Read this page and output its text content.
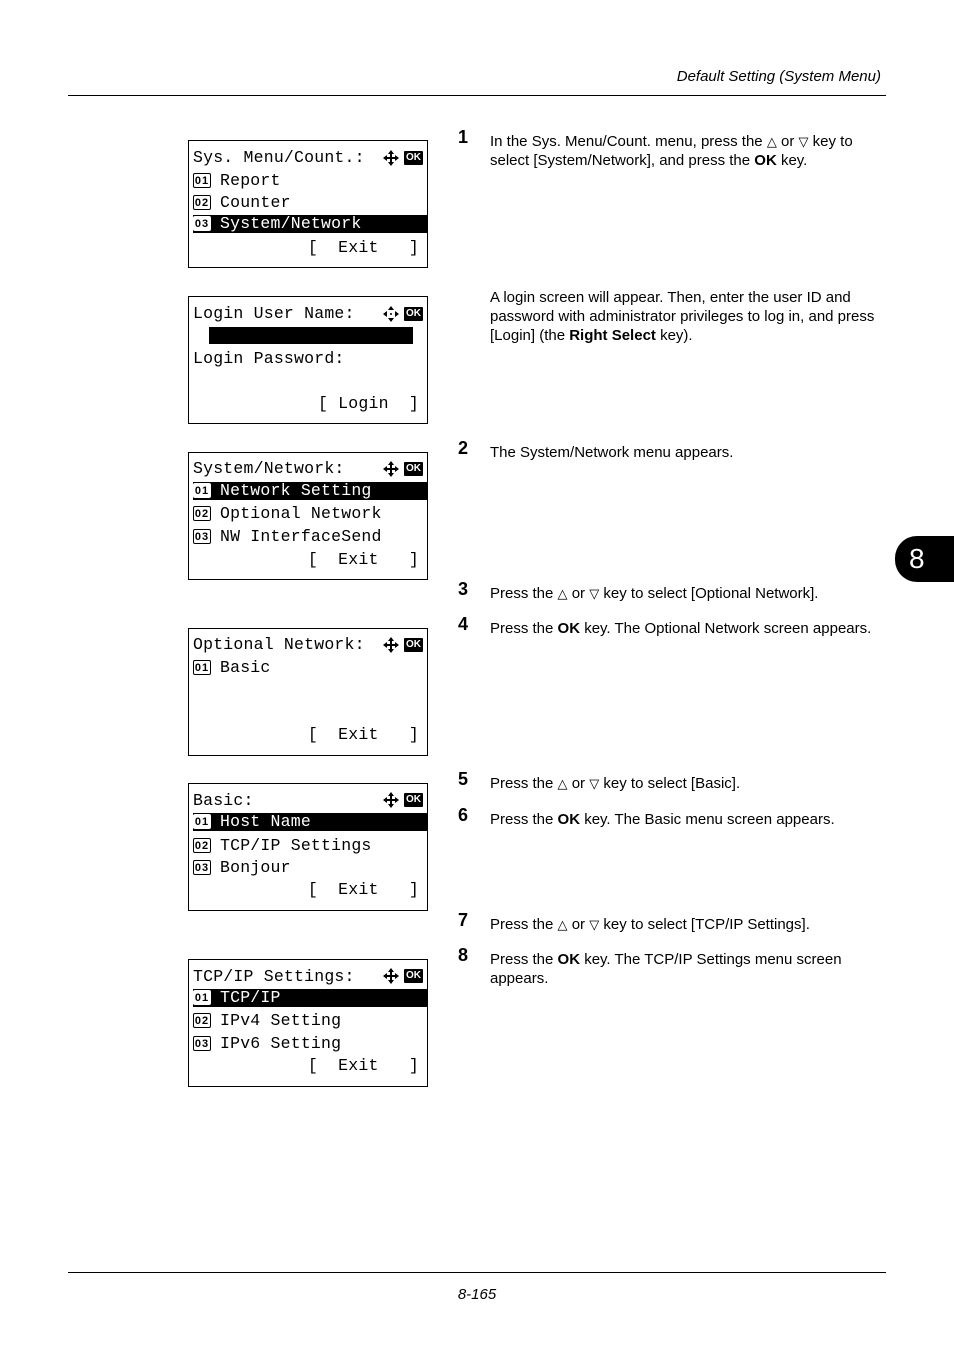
Default Setting (System Menu)
8
Sys. Menu/Count.:	OK
01 Report
02 Counter
03 System/Network
[  Exit   ]
Login User Name:	OK
Login Password:
[ Login  ]
System/Network:	OK
01 Network Setting
02 Optional Network
03 NW InterfaceSend
[  Exit   ]
Optional Network:	OK
01 Basic
[  Exit   ]
Basic:	OK
01 Host Name
02 TCP/IP Settings
03 Bonjour
[  Exit   ]
TCP/IP Settings:	OK
01 TCP/IP
02 IPv4 Setting
03 IPv6 Setting
[  Exit   ]
1 In the Sys. Menu/Count. menu, press the △ or ▽ key to select [System/Network], and press the OK key.
A login screen will appear. Then, enter the user ID and password with administrator privileges to log in, and press [Login] (the Right Select key).
2 The System/Network menu appears.
3 Press the △ or ▽ key to select [Optional Network].
4 Press the OK key. The Optional Network screen appears.
5 Press the △ or ▽ key to select [Basic].
6 Press the OK key. The Basic menu screen appears.
7 Press the △ or ▽ key to select [TCP/IP Settings].
8 Press the OK key. The TCP/IP Settings menu screen appears.
8-165
